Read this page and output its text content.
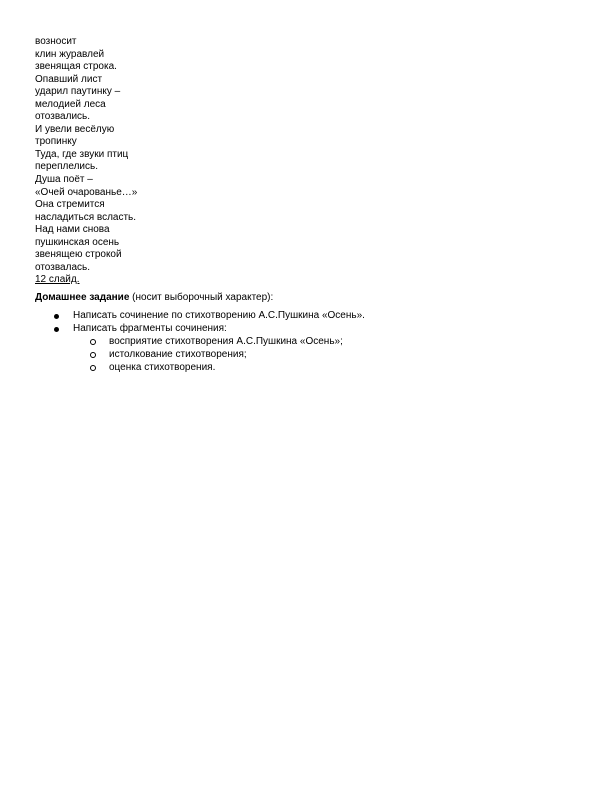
возносит
клин журавлей
звенящая строка.
Опавший лист
ударил паутинку –
мелодией леса
отозвались.
И увели весёлую
тропинку
Туда, где звуки птиц
переплелись.
Душа поёт –
«Очей очарованье…»
Она стремится
насладиться всласть.
Над нами снова
пушкинская осень
звенящею строкой
отозвалась.
12 слайд.
Домашнее задание (носит выборочный характер):
Написать сочинение по стихотворению А.С.Пушкина «Осень».
Написать фрагменты сочинения:
восприятие стихотворения А.С.Пушкина «Осень»;
истолкование стихотворения;
оценка стихотворения.
